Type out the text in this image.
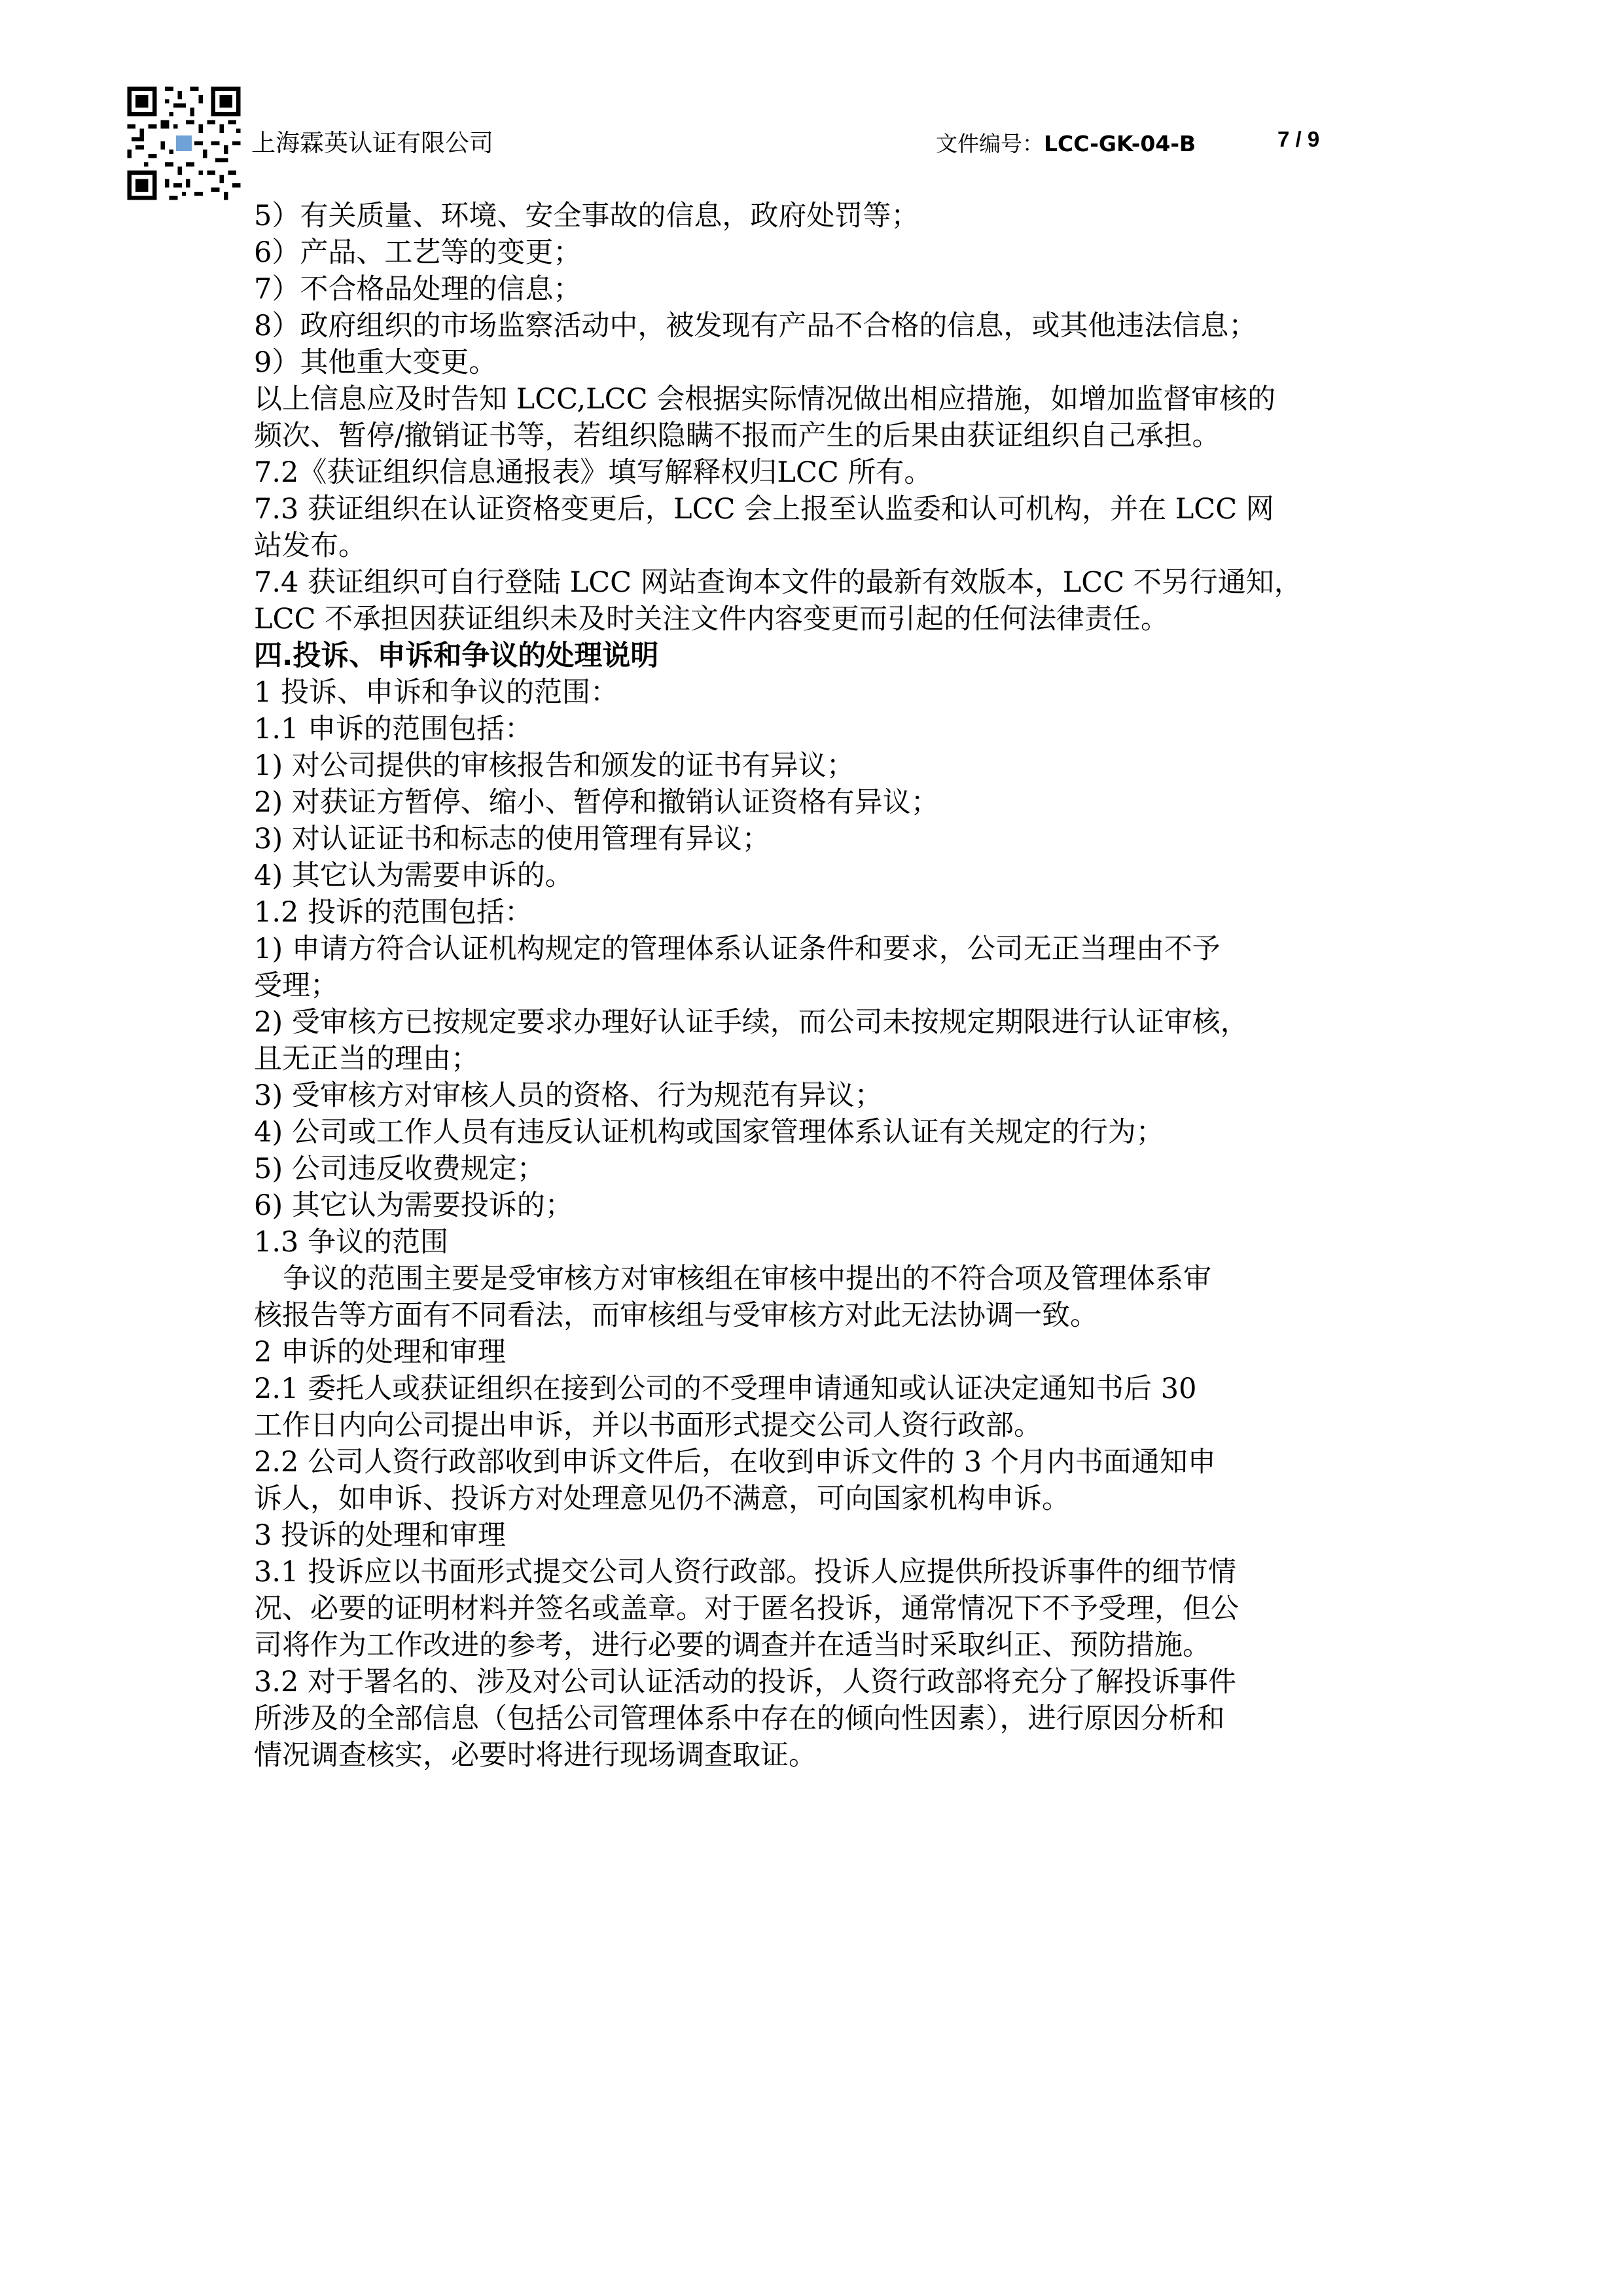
上海霖英认证有限公司	文件编号：LCC-GK-04-B	7 / 9

5）有关质量、环境、安全事故的信息，政府处罚等；

6）产品、工艺等的变更；

7）不合格品处理的信息；

8）政府组织的市场监察活动中，被发现有产品不合格的信息，或其他违法信息；

9）其他重大变更。

以上信息应及时告知 LCC,LCC 会根据实际情况做出相应措施，如增加监督审核的

频次、暂停/撤销证书等，若组织隐瞒不报而产生的后果由获证组织自己承担。

7.2《获证组织信息通报表》填写解释权归LCC 所有。

7.3 获证组织在认证资格变更后，LCC 会上报至认监委和认可机构，并在 LCC 网

站发布。

7.4 获证组织可自行登陆 LCC 网站查询本文件的最新有效版本，LCC 不另行通知，

LCC 不承担因获证组织未及时关注文件内容变更而引起的任何法律责任。

四.投诉、申诉和争议的处理说明

1 投诉、申诉和争议的范围：

1.1 申诉的范围包括：

1) 对公司提供的审核报告和颁发的证书有异议；

2) 对获证方暂停、缩小、暂停和撤销认证资格有异议；

3) 对认证证书和标志的使用管理有异议；

4) 其它认为需要申诉的。

1.2 投诉的范围包括：

1) 申请方符合认证机构规定的管理体系认证条件和要求，公司无正当理由不予

受理；

2) 受审核方已按规定要求办理好认证手续，而公司未按规定期限进行认证审核，

且无正当的理由；

3) 受审核方对审核人员的资格、行为规范有异议；

4) 公司或工作人员有违反认证机构或国家管理体系认证有关规定的行为；

5) 公司违反收费规定；

6) 其它认为需要投诉的；

1.3 争议的范围

争议的范围主要是受审核方对审核组在审核中提出的不符合项及管理体系审

核报告等方面有不同看法，而审核组与受审核方对此无法协调一致。

2 申诉的处理和审理

2.1 委托人或获证组织在接到公司的不受理申请通知或认证决定通知书后 30

工作日内向公司提出申诉，并以书面形式提交公司人资行政部。

2.2 公司人资行政部收到申诉文件后，在收到申诉文件的 3 个月内书面通知申

诉人，如申诉、投诉方对处理意见仍不满意，可向国家机构申诉。

3 投诉的处理和审理

3.1 投诉应以书面形式提交公司人资行政部。投诉人应提供所投诉事件的细节情

况、必要的证明材料并签名或盖章。对于匿名投诉，通常情况下不予受理，但公

司将作为工作改进的参考，进行必要的调查并在适当时采取纠正、预防措施。

3.2 对于署名的、涉及对公司认证活动的投诉，人资行政部将充分了解投诉事件

所涉及的全部信息（包括公司管理体系中存在的倾向性因素），进行原因分析和

情况调查核实，必要时将进行现场调查取证。
